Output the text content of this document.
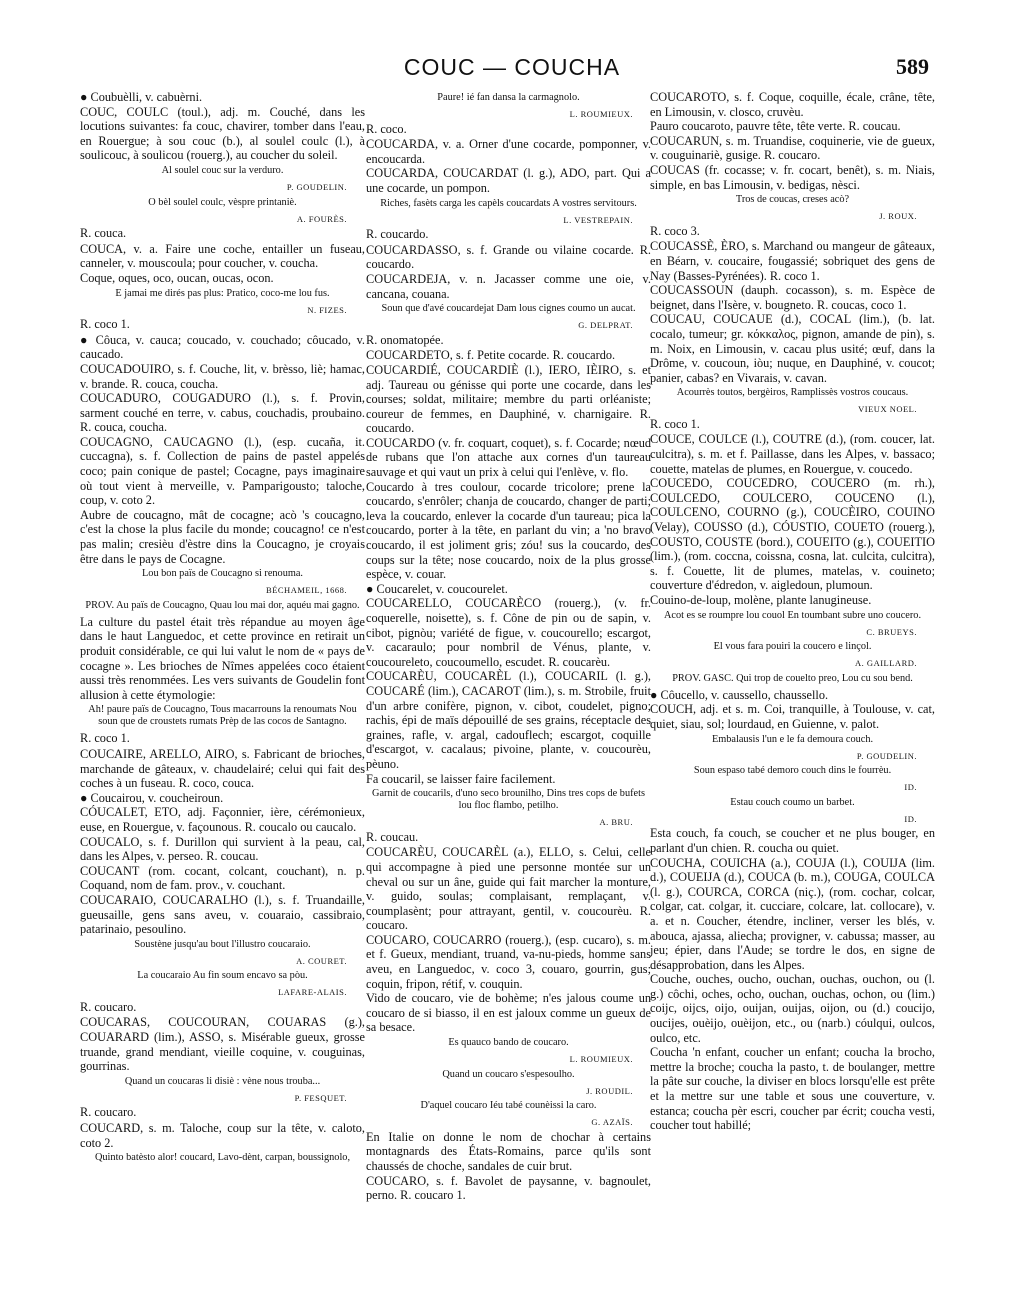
COUC — COUCHA	589

● Coubuèlli, v. cabuèrni.

COUC, COULC (toul.), adj. m. Couché, dans les locutions suivantes: fa couc, chavirer, tomber dans l'eau, en Rouergue; à sou couc (b.), al soulel coulc (l.), à soulicouc, à soulicou (rouerg.), au coucher du soleil.

Al soulel couc sur la verduro.

P. GOUDELIN.

O bèl soulel coulc, vèspre printaniè.

A. FOURÈS.

R. couca.

COUCA, v. a. Faire une coche, entailler un fuseau, canneler, v. mouscoula; pour coucher, v. coucha.

Coque, oques, oco, oucan, oucas, ocon.

E jamai me dirés pas plus: Pratico, coco-me lou fus.

N. FIZES.

R. coco 1.

● Côuca, v. cauca; coucado, v. couchado; côucado, v. caucado.

COUCADOUIRO, s. f. Couche, lit, v. brèsso, liè; hamac, v. brande. R. couca, coucha.

COUCADURO, COUGADURO (l.), s. f. Provin, sarment couché en terre, v. cabus, couchadis, proubaino. R. couca, coucha.

COUCAGNO, CAUCAGNO (l.), (esp. cucaña, it. cuccagna), s. f. Collection de pains de pastel appelés coco; pain conique de pastel; Cocagne, pays imaginaire où tout vient à merveille, v. Pamparigousto; taloche, coup, v. coto 2.

Aubre de coucagno, mât de cocagne; acò 's coucagno, c'est la chose la plus facile du monde; coucagno! ce n'est pas malin; cresièu d'èstre dins la Coucagno, je croyais être dans le pays de Cocagne.

Lou bon païs de Coucagno si renouma.

BÉCHAMEIL, 1668.

PROV. Au païs de Coucagno, Quau lou mai dor, aquéu mai gagno.

La culture du pastel était très répandue au moyen âge dans le haut Languedoc, et cette province en retirait un produit considérable, ce qui lui valut le nom de « pays de cocagne ». Les brioches de Nîmes appelées coco étaient aussi très renommées. Les vers suivants de Goudelin font allusion à cette étymologie:

Ah! paure païs de Coucagno, Tous macarrouns la renoumats Nou soun que de croustets rumats Prèp de las cocos de Santagno.

R. coco 1.

COUCAIRE, ARELLO, AIRO, s. Fabricant de brioches, marchande de gâteaux, v. chaudelairé; celui qui fait des coches à un fuseau. R. coco, couca.

● Coucairou, v. coucheiroun.

CÓUCALET, ETO, adj. Façonnier, ière, cérémonieux, euse, en Rouergue, v. façounous. R. coucalo ou caucalo.

COUCALO, s. f. Durillon qui survient à la peau, cal, dans les Alpes, v. perseo. R. coucau.

COUCANT (rom. cocant, colcant, couchant), n. p. Coquand, nom de fam. prov., v. couchant.

COUCARAIO, COUCARALHO (l.), s. f. Truandaille, gueusaille, gens sans aveu, v. couaraio, cassibraio, patarinaio, pesoulino.

Soustène jusqu'au bout l'illustro coucaraio.

A. COURET.

La coucaraio Au fin soum encavo sa pòu.

LAFARE-ALAIS.

R. coucaro.

COUCARAS, COUCOURAN, COUARAS (g.), COUARARD (lim.), ASSO, s. Misérable gueux, grosse truande, grand mendiant, vieille coquine, v. couguinas, gourrinas.

Quand un coucaras li disiè : vène nous trouba...

P. FESQUET.

R. coucaro.

COUCARD, s. m. Taloche, coup sur la tête, v. caloto, coto 2.

Quinto batèsto alor! coucard, Lavo-dènt, carpan, boussignolo,

Paure! ié fan dansa la carmagnolo.

L. ROUMIEUX.

R. coco.

COUCARDA, v. a. Orner d'une cocarde, pomponner, v. encoucarda.

COUCARDA, COUCARDAT (l. g.), ADO, part. Qui a une cocarde, un pompon.

Riches, fasèts carga les capèls coucardats A vostres servitours.

L. VESTREPAIN.

R. coucardo.

COUCARDASSO, s. f. Grande ou vilaine cocarde. R. coucardo.

COUCARDEJA, v. n. Jacasser comme une oie, v. cancana, couana.

Soun que d'avé coucardejat Dam lous cignes coumo un aucat.

G. DELPRAT.

R. onomatopée.

COUCARDETO, s. f. Petite cocarde. R. coucardo.

COUCARDIÉ, COUCARDIÈ (l.), IERO, IÈIRO, s. et adj. Taureau ou génisse qui porte une cocarde, dans les courses; soldat, militaire; membre du parti orléaniste; coureur de femmes, en Dauphiné, v. charnigaire. R. coucardo.

COUCARDO (v. fr. coquart, coquet), s. f. Cocarde; nœud de rubans que l'on attache aux cornes d'un taureau sauvage et qui vaut un prix à celui qui l'enlève, v. flo.

Coucardo à tres coulour, cocarde tricolore; prene la coucardo, s'enrôler; chanja de coucardo, changer de parti; leva la coucardo, enlever la cocarde d'un taureau; pica la coucardo, porter à la tête, en parlant du vin; a 'no bravo coucardo, il est joliment gris; zóu! sus la coucardo, des coups sur la tête; nose coucardo, noix de la plus grosse espèce, v. couar.

● Coucarelet, v. coucourelet.

COUCARELLO, COUCARÈCO (rouerg.), (v. fr. coquerelle, noisette), s. f. Cône de pin ou de sapin, v. cibot, pignòu; variété de figue, v. coucourello; escargot, v. cacaraulo; pour nombril de Vénus, plante, v. coucoureleto, coucoumello, escudet. R. coucarèu.

COUCARÈU, COUCARÈL (l.), COUCARIL (l. g.), COUCARÉ (lim.), CACAROT (lim.), s. m. Strobile, fruit d'un arbre conifère, pignon, v. cibot, coudelet, pigno; rachis, épi de maïs dépouillé de ses grains, réceptacle des graines, rafle, v. argal, cadouflech; escargot, coquille d'escargot, v. cacalaus; pivoine, plante, v. coucourèu, pèuno.

Fa coucaril, se laisser faire facilement.

Garnit de coucarils, d'uno seco brounilho, Dins tres cops de bufets lou floc flambo, petilho.

A. BRU.

R. coucau.

COUCARÈU, COUCARÈL (a.), ELLO, s. Celui, celle qui accompagne à pied une personne montée sur un cheval ou sur un âne, guide qui fait marcher la monture, v. guido, soulas; complaisant, remplaçant, v. coumplasènt; pour attrayant, gentil, v. coucourèu. R. coucaro.

COUCARO, COUCARRO (rouerg.), (esp. cucaro), s. m. et f. Gueux, mendiant, truand, va-nu-pieds, homme sans aveu, en Languedoc, v. coco 3, couaro, gourrin, gus; coquin, fripon, rétif, v. couquin.

Vido de coucaro, vie de bohème; n'es jalous coume un coucaro de si biasso, il en est jaloux comme un gueux de sa besace.

Es quauco bando de coucaro.

L. ROUMIEUX.

Quand un coucaro s'espesoulho.

J. ROUDIL.

D'aquel coucaro Iéu tabé counèissi la caro.

G. AZAÏS.

En Italie on donne le nom de chochar à certains montagnards des États-Romains, parce qu'ils sont chaussés de choche, sandales de cuir brut.

COUCARO, s. f. Bavolet de paysanne, v. bagnoulet, perno. R. coucaro 1.

COUCAROTO, s. f. Coque, coquille, écale, crâne, tête, en Limousin, v. closco, cruvèu.

Pauro coucaroto, pauvre tête, tête verte. R. coucau.

COUCARUN, s. m. Truandise, coquinerie, vie de gueux, v. couguinariè, gusige. R. coucaro.

COUCAS (fr. cocasse; v. fr. cocart, benêt), s. m. Niais, simple, en bas Limousin, v. bedigas, nèsci.

Tros de coucas, creses acò?

J. ROUX.

R. coco 3.

COUCASSÈ, ÈRO, s. Marchand ou mangeur de gâteaux, en Béarn, v. coucaire, fougassié; sobriquet des gens de Nay (Basses-Pyrénées). R. coco 1.

COUCASSOUN (dauph. cocasson), s. m. Espèce de beignet, dans l'Isère, v. bougneto. R. coucas, coco 1.

COUCAU, COUCAUE (d.), COCAL (lim.), (b. lat. cocalo, tumeur; gr. κόκκαλος, pignon, amande de pin), s. m. Noix, en Limousin, v. cacau plus usité; œuf, dans la Drôme, v. coucoun, iòu; nuque, en Dauphiné, v. coucot; panier, cabas? en Vivarais, v. cavan.

Acourrès toutos, bergèiros, Ramplissès vostros coucaus.

VIEUX NOEL.

R. coco 1.

COUCE, COULCE (l.), COUTRE (d.), (rom. coucer, lat. culcitra), s. m. et f. Paillasse, dans les Alpes, v. bassaco; couette, matelas de plumes, en Rouergue, v. coucedo.

COUCEDO, COUCEDRO, COUCERO (m. rh.), COULCEDO, COULCERO, COUCENO (l.), COULCENO, COURNO (g.), COUCÈIRO, COUINO (Velay), COUSSO (d.), CÓUSTIO, COUETO (rouerg.), COUSTO, COUSTE (bord.), COUEITO (g.), COUEITIO (lim.), (rom. coccna, coissna, cosna, lat. culcita, culcitra), s. f. Couette, lit de plumes, matelas, v. couineto; couverture d'édredon, v. aigledoun, plumoun.

Couino-de-loup, molène, plante lanugineuse.

Acot es se roumpre lou couol En toumbant subre uno coucero.

C. BRUEYS.

El vous fara pouiri la coucero e linçol.

A. GAILLARD.

PROV. GASC. Qui trop de couelto preo, Lou cu sou bend.

● Côucello, v. caussello, chaussello.

COUCH, adj. et s. m. Coi, tranquille, à Toulouse, v. cat, quiet, siau, sol; lourdaud, en Guienne, v. palot.

Embalausis l'un e le fa demoura couch.

P. GOUDELIN.

Soun espaso tabé demoro couch dins le fourrèu.

ID.

Estau couch coumo un barbet.

ID.

Esta couch, fa couch, se coucher et ne plus bouger, en parlant d'un chien. R. coucha ou quiet.

COUCHA, COUICHA (a.), COUJA (l.), COUIJA (lim. d.), COUEIJA (d.), COUCA (b. m.), COUGA, COULCA (l. g.), COURCA, CORCA (niç.), (rom. cochar, colcar, colgar, cat. colgar, it. cucciare, colcare, lat. collocare), v. a. et n. Coucher, étendre, incliner, verser les blés, v. abouca, ajassa, aliecha; provigner, v. cabussa; masser, au jeu; épier, dans l'Aude; se tordre le dos, en signe de désapprobation, dans les Alpes.

Couche, ouches, oucho, ouchan, ouchas, ouchon, ou (l. g.) côchi, oches, ocho, ouchan, ouchas, ochon, ou (lim.) coijc, oijcs, oijo, ouijan, ouijas, oijon, ou (d.) coucijo, oucijes, ouèijo, ouèijon, etc., ou (narb.) cóulqui, oulcos, oulco, etc.

Coucha 'n enfant, coucher un enfant; coucha la brocho, mettre la broche; coucha la pasto, t. de boulanger, mettre la pâte sur couche, la diviser en blocs lorsqu'elle est prête et la mettre sur une table et sous une couverture, v. estanca; coucha pèr escri, coucher par écrit; coucha vesti, coucher tout habillé;
